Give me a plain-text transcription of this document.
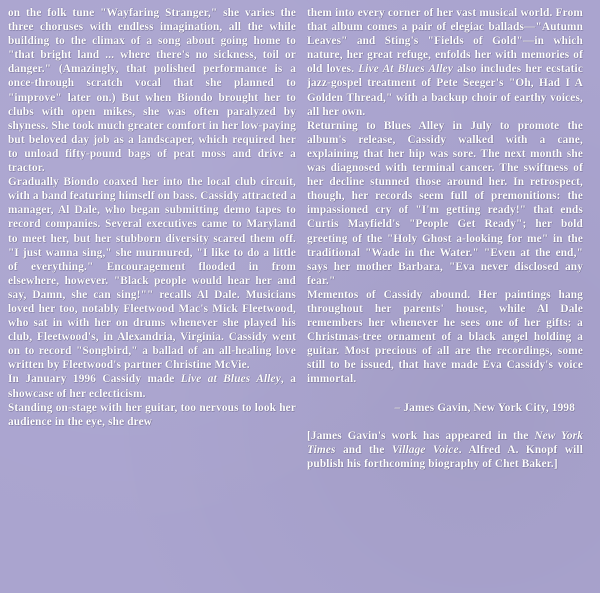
on the folk tune "Wayfaring Stranger," she varies the three choruses with endless imagination, all the while building to the climax of a song about going home to "that bright land ... where there's no sickness, toil or danger." (Amazingly, that polished performance is a once-through scratch vocal that she planned to "improve" later on.) But when Biondo brought her to clubs with open mikes, she was often paralyzed by shyness. She took much greater comfort in her low-paying but beloved day job as a landscaper, which required her to unload fifty-pound bags of peat moss and drive a tractor.

Gradually Biondo coaxed her into the local club circuit, with a band featuring himself on bass. Cassidy attracted a manager, Al Dale, who began submitting demo tapes to record companies. Several executives came to Maryland to meet her, but her stubborn diversity scared them off. "I just wanna sing," she murmured, "I like to do a little of everything." Encouragement flooded in from elsewhere, however. "Black people would hear her and say, Damn, she can sing!"" recalls Al Dale. Musicians loved her too, notably Fleetwood Mac's Mick Fleetwood, who sat in with her on drums whenever she played his club, Fleetwood's, in Alexandria, Virginia. Cassidy went on to record "Songbird," a ballad of an all-healing love written by Fleetwood's partner Christine McVie.

In January 1996 Cassidy made Live at Blues Alley, a showcase of her eclecticism.

Standing on-stage with her guitar, too nervous to look her audience in the eye, she drew

them into every corner of her vast musical world. From that album comes a pair of elegiac ballads—"Autumn Leaves" and Sting's "Fields of Gold"—in which nature, her great refuge, enfolds her with memories of old loves. Live At Blues Alley also includes her ecstatic jazz-gospel treatment of Pete Seeger's "Oh, Had I A Golden Thread," with a backup choir of earthy voices, all her own.

Returning to Blues Alley in July to promote the album's release, Cassidy walked with a cane, explaining that her hip was sore. The next month she was diagnosed with terminal cancer. The swiftness of her decline stunned those around her. In retrospect, though, her records seem full of premonitions: the impassioned cry of "I'm getting ready!" that ends Curtis Mayfield's "People Get Ready"; her bold greeting of the "Holy Ghost a-looking for me" in the traditional "Wade in the Water." "Even at the end," says her mother Barbara, "Eva never disclosed any fear."

Mementos of Cassidy abound. Her paintings hang throughout her parents' house, while Al Dale remembers her whenever he sees one of her gifts: a Christmas-tree ornament of a black angel holding a guitar. Most precious of all are the recordings, some still to be issued, that have made Eva Cassidy's voice immortal.

– James Gavin, New York City, 1998

[James Gavin's work has appeared in the New York Times and the Village Voice. Alfred A. Knopf will publish his forthcoming biography of Chet Baker.]
